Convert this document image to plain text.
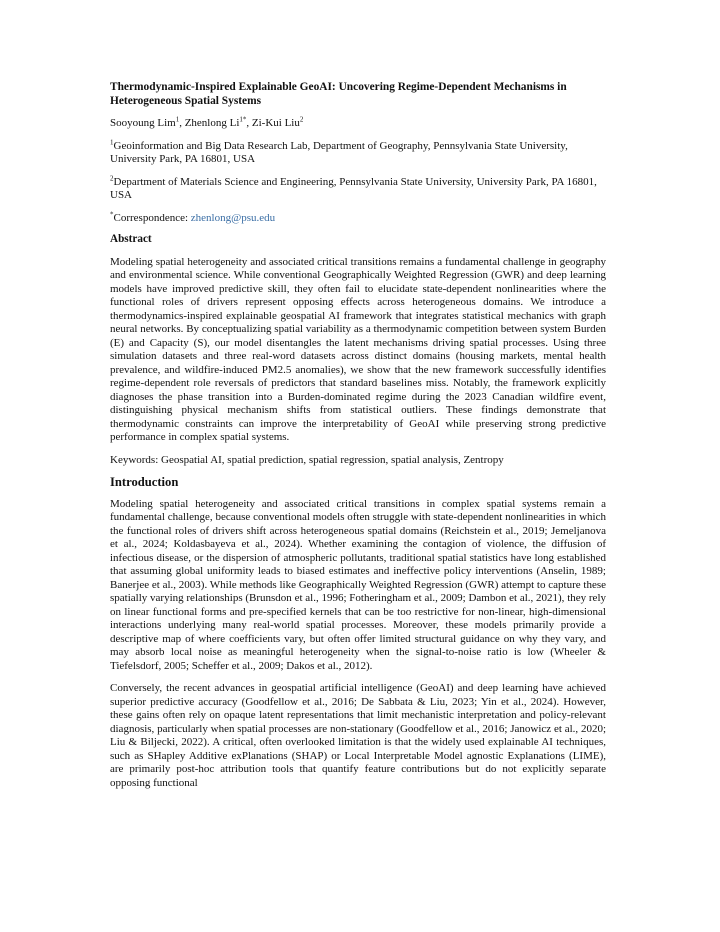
Thermodynamic-Inspired Explainable GeoAI: Uncovering Regime-Dependent Mechanisms in Heterogeneous Spatial Systems
Sooyoung Lim$^1$, Zhenlong $Li^{1*}$, Zi-Kui Liu$^2$
$^1$Geoinformation and Big Data Research Lab, Department of Geography, Pennsylvania State University, University Park, PA 16801, USA
$^2$Department of Materials Science and Engineering, Pennsylvania State University, University Park, PA 16801, USA
*Correspondence: zhenlong@psu.edu
Abstract
Modeling spatial heterogeneity and associated critical transitions remains a fundamental challenge in geography and environmental science. While conventional Geographically Weighted Regression (GWR) and deep learning models have improved predictive skill, they often fail to elucidate state-dependent nonlinearities where the functional roles of drivers represent opposing effects across heterogeneous domains. We introduce a thermodynamics-inspired explainable geospatial AI framework that integrates statistical mechanics with graph neural networks. By conceptualizing spatial variability as a thermodynamic competition between system Burden (E) and Capacity (S), our model disentangles the latent mechanisms driving spatial processes. Using three simulation datasets and three real-word datasets across distinct domains (housing markets, mental health prevalence, and wildfire-induced PM2.5 anomalies), we show that the new framework successfully identifies regime-dependent role reversals of predictors that standard baselines miss. Notably, the framework explicitly diagnoses the phase transition into a Burden-dominated regime during the 2023 Canadian wildfire event, distinguishing physical mechanism shifts from statistical outliers. These findings demonstrate that thermodynamic constraints can improve the interpretability of GeoAI while preserving strong predictive performance in complex spatial systems.
Keywords: Geospatial AI, spatial prediction, spatial regression, spatial analysis, Zentropy
Introduction
Modeling spatial heterogeneity and associated critical transitions in complex spatial systems remain a fundamental challenge, because conventional models often struggle with state-dependent nonlinearities in which the functional roles of drivers shift across heterogeneous spatial domains (Reichstein et al., 2019; Jemeljanova et al., 2024; Koldasbayeva et al., 2024). Whether examining the contagion of violence, the diffusion of infectious disease, or the dispersion of atmospheric pollutants, traditional spatial statistics have long established that assuming global uniformity leads to biased estimates and ineffective policy interventions (Anselin, 1989; Banerjee et al., 2003). While methods like Geographically Weighted Regression (GWR) attempt to capture these spatially varying relationships (Brunsdon et al., 1996; Fotheringham et al., 2009; Dambon et al., 2021), they rely on linear functional forms and pre-specified kernels that can be too restrictive for non-linear, high-dimensional interactions underlying many real-world spatial processes. Moreover, these models primarily provide a descriptive map of where coefficients vary, but often offer limited structural guidance on why they vary, and may absorb local noise as meaningful heterogeneity when the signal-to-noise ratio is low (Wheeler & Tiefelsdorf, 2005; Scheffer et al., 2009; Dakos et al., 2012).
Conversely, the recent advances in geospatial artificial intelligence (GeoAI) and deep learning have achieved superior predictive accuracy (Goodfellow et al., 2016; De Sabbata & Liu, 2023; Yin et al., 2024). However, these gains often rely on opaque latent representations that limit mechanistic interpretation and policy-relevant diagnosis, particularly when spatial processes are non-stationary (Goodfellow et al., 2016; Janowicz et al., 2020; Liu & Biljecki, 2022). A critical, often overlooked limitation is that the widely used explainable AI techniques, such as SHapley Additive exPlanations (SHAP) or Local Interpretable Model agnostic Explanations (LIME), are primarily post-hoc attribution tools that quantify feature contributions but do not explicitly separate opposing functional
